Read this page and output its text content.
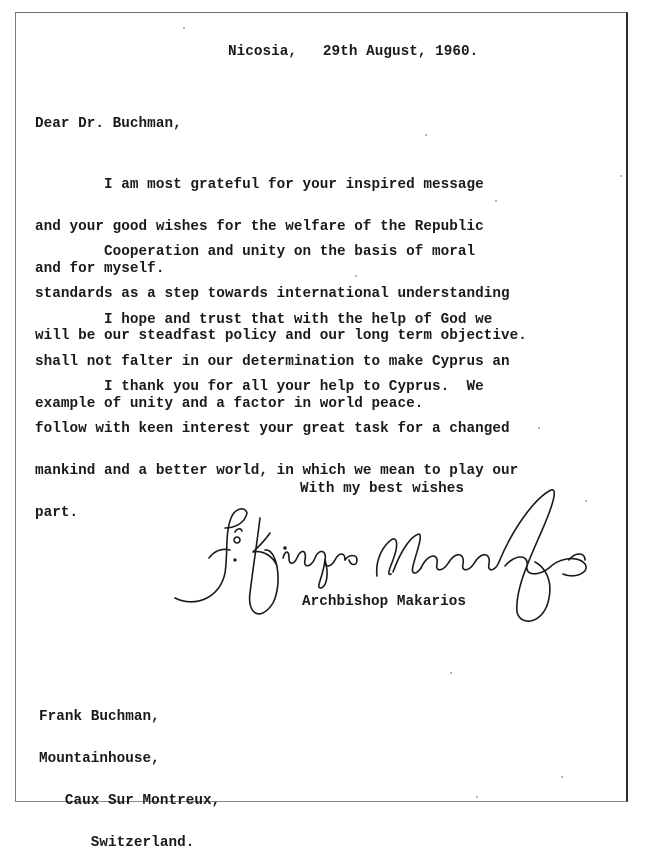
Nicosia,   29th August, 1960.
Dear Dr. Buchman,

I am most grateful for your inspired message

and your good wishes for the welfare of the Republic

and for myself.

Cooperation and unity on the basis of moral

standards as a step towards international understanding

will be our steadfast policy and our long term objective.

I hope and trust that with the help of God we

shall not falter in our determination to make Cyprus an

example of unity and a factor in world peace.

I thank you for all your help to Cyprus.  We

follow with keen interest your great task for a changed

mankind and a better world, in which we mean to play our

part.

With my best wishes
Archbishop Makarios

Frank Buchman,

Mountainhouse,

Caux Sur Montreux,

Switzerland.
